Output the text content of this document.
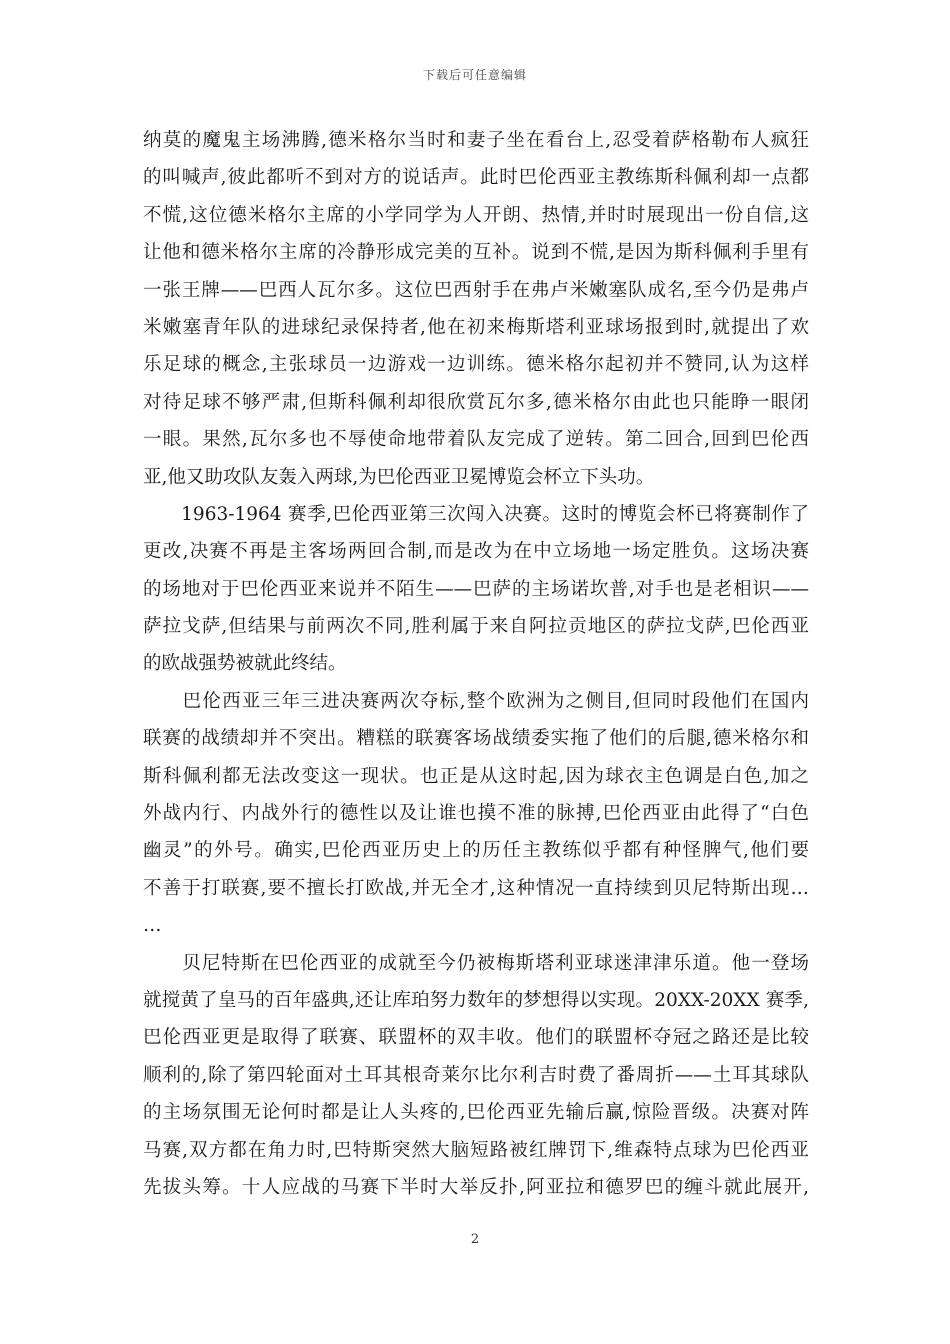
下载后可任意编辑
纳莫的魔鬼主场沸腾,德米格尔当时和妻子坐在看台上,忍受着萨格勒布人疯狂
的叫喊声,彼此都听不到对方的说话声。此时巴伦西亚主教练斯科佩利却一点都
不慌,这位德米格尔主席的小学同学为人开朗、热情,并时时展现出一份自信,这
让他和德米格尔主席的冷静形成完美的互补。说到不慌,是因为斯科佩利手里有
一张王牌——巴西人瓦尔多。这位巴西射手在弗卢米嫩塞队成名,至今仍是弗卢
米嫩塞青年队的进球纪录保持者,他在初来梅斯塔利亚球场报到时,就提出了欢
乐足球的概念,主张球员一边游戏一边训练。德米格尔起初并不赞同,认为这样
对待足球不够严肃,但斯科佩利却很欣赏瓦尔多,德米格尔由此也只能睁一眼闭
一眼。果然,瓦尔多也不辱使命地带着队友完成了逆转。第二回合,回到巴伦西
亚,他又助攻队友轰入两球,为巴伦西亚卫冕博览会杯立下头功。
　　1963-1964 赛季,巴伦西亚第三次闯入决赛。这时的博览会杯已将赛制作了
更改,决赛不再是主客场两回合制,而是改为在中立场地一场定胜负。这场决赛
的场地对于巴伦西亚来说并不陌生——巴萨的主场诺坎普,对手也是老相识——
萨拉戈萨,但结果与前两次不同,胜利属于来自阿拉贡地区的萨拉戈萨,巴伦西亚
的欧战强势被就此终结。
　　巴伦西亚三年三进决赛两次夺标,整个欧洲为之侧目,但同时段他们在国内
联赛的战绩却并不突出。糟糕的联赛客场战绩委实拖了他们的后腿,德米格尔和
斯科佩利都无法改变这一现状。也正是从这时起,因为球衣主色调是白色,加之
外战内行、内战外行的德性以及让谁也摸不准的脉搏,巴伦西亚由此得了“白色
幽灵”的外号。确实,巴伦西亚历史上的历任主教练似乎都有种怪脾气,他们要
不善于打联赛,要不擅长打欧战,并无全才,这种情况一直持续到贝尼特斯出现…
…
　　贝尼特斯在巴伦西亚的成就至今仍被梅斯塔利亚球迷津津乐道。他一登场
就搅黄了皇马的百年盛典,还让库珀努力数年的梦想得以实现。20XX-20XX 赛季,
巴伦西亚更是取得了联赛、联盟杯的双丰收。他们的联盟杯夺冠之路还是比较
顺利的,除了第四轮面对土耳其根奇莱尔比尔利吉时费了番周折——土耳其球队
的主场氛围无论何时都是让人头疼的,巴伦西亚先输后赢,惊险晋级。决赛对阵
马赛,双方都在角力时,巴特斯突然大脑短路被红牌罚下,维森特点球为巴伦西亚
先拔头筹。十人应战的马赛下半时大举反扑,阿亚拉和德罗巴的缠斗就此展开,
2
